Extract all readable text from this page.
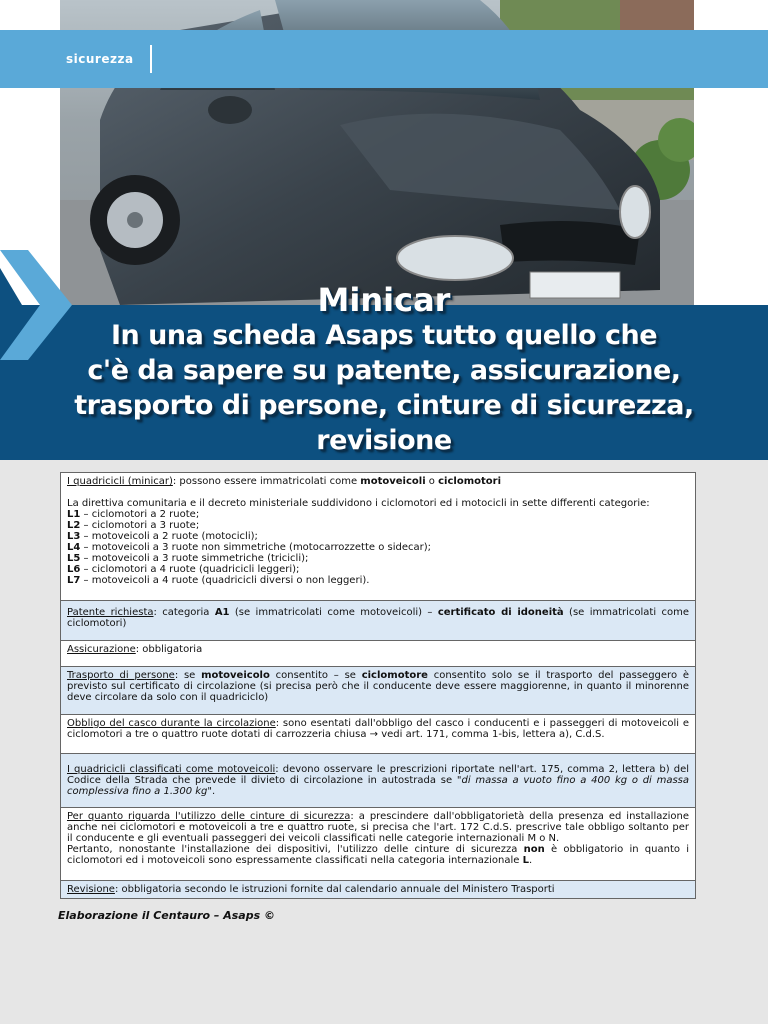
sicurezza
Minicar
In una scheda Asaps tutto quello che
c'è da sapere su patente, assicurazione,
trasporto di persone, cinture di sicurezza,
revisione
I quadricicli (minicar): possono essere immatricolati come motoveicoli o ciclomotori
La direttiva comunitaria e il decreto ministeriale suddividono i ciclomotori ed i motocicli in sette differenti categorie:
L1 – ciclomotori a 2 ruote;
L2 – ciclomotori a 3 ruote;
L3 – motoveicoli a 2 ruote (motocicli);
L4 – motoveicoli a 3 ruote non simmetriche (motocarrozzette o sidecar);
L5 – motoveicoli a 3 ruote simmetriche (tricicli);
L6 – ciclomotori a 4 ruote (quadricicli leggeri);
L7 – motoveicoli a 4 ruote (quadricicli diversi o non leggeri).
Patente richiesta: categoria A1 (se immatricolati come motoveicoli) – certificato di idoneità (se immatricolati come ciclomotori)
Assicurazione: obbligatoria
Trasporto di persone: se motoveicolo consentito – se ciclomotore consentito solo se il trasporto del passeggero è previsto sul certificato di circolazione (si precisa però che il conducente deve essere maggiorenne, in quanto il minorenne deve circolare da solo con il quadriciclo)
Obbligo del casco durante la circolazione: sono esentati dall'obbligo del casco i conducenti e i passeggeri di motoveicoli e ciclomotori a tre o quattro ruote dotati di carrozzeria chiusa → vedi art. 171, comma 1-bis, lettera a), C.d.S.
I quadricicli classificati come motoveicoli: devono osservare le prescrizioni riportate nell'art. 175, comma 2, lettera b) del Codice della Strada che prevede il divieto di circolazione in autostrada se "di massa a vuoto fino a 400 kg o di massa complessiva fino a 1.300 kg".
Per quanto riguarda l'utilizzo delle cinture di sicurezza: a prescindere dall'obbligatorietà della presenza ed installazione anche nei ciclomotori e motoveicoli a tre e quattro ruote, si precisa che l'art. 172 C.d.S. prescrive tale obbligo soltanto per il conducente e gli eventuali passeggeri dei veicoli classificati nelle categorie internazionali M o N.
Pertanto, nonostante l'installazione dei dispositivi, l'utilizzo delle cinture di sicurezza non è obbligatorio in quanto i ciclomotori ed i motoveicoli sono espressamente classificati nella categoria internazionale L.
Revisione: obbligatoria secondo le istruzioni fornite dal calendario annuale del Ministero Trasporti
Elaborazione il Centauro – Asaps ©
